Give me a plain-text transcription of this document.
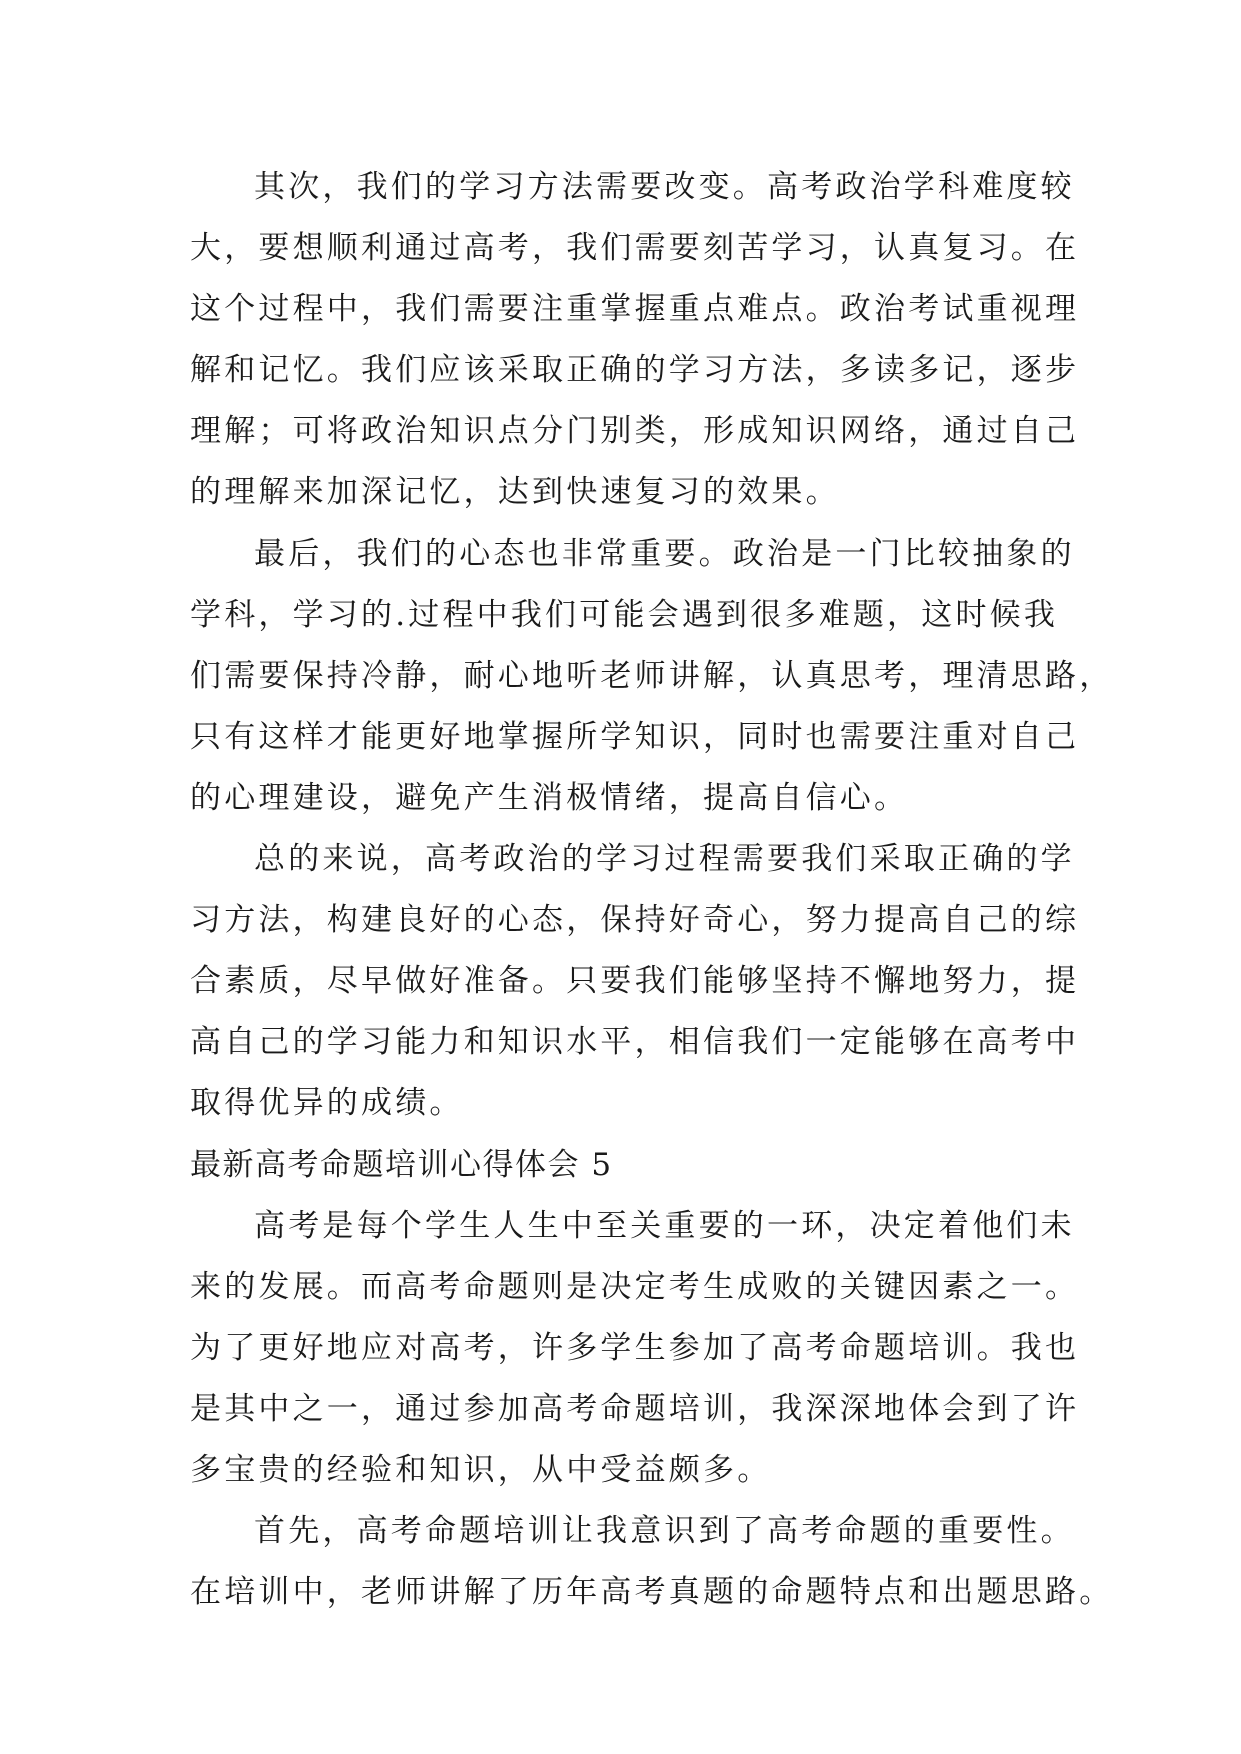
其次，我们的学习方法需要改变。高考政治学科难度较
大，要想顺利通过高考，我们需要刻苦学习，认真复习。在
这个过程中，我们需要注重掌握重点难点。政治考试重视理
解和记忆。我们应该采取正确的学习方法，多读多记，逐步
理解；可将政治知识点分门别类，形成知识网络，通过自己
的理解来加深记忆，达到快速复习的效果。
最后，我们的心态也非常重要。政治是一门比较抽象的
学科，学习的.过程中我们可能会遇到很多难题，这时候我
们需要保持冷静，耐心地听老师讲解，认真思考，理清思路，
只有这样才能更好地掌握所学知识，同时也需要注重对自己
的心理建设，避免产生消极情绪，提高自信心。
总的来说，高考政治的学习过程需要我们采取正确的学
习方法，构建良好的心态，保持好奇心，努力提高自己的综
合素质，尽早做好准备。只要我们能够坚持不懈地努力，提
高自己的学习能力和知识水平，相信我们一定能够在高考中
取得优异的成绩。
最新高考命题培训心得体会 5
高考是每个学生人生中至关重要的一环，决定着他们未
来的发展。而高考命题则是决定考生成败的关键因素之一。
为了更好地应对高考，许多学生参加了高考命题培训。我也
是其中之一，通过参加高考命题培训，我深深地体会到了许
多宝贵的经验和知识，从中受益颇多。
首先，高考命题培训让我意识到了高考命题的重要性。
在培训中，老师讲解了历年高考真题的命题特点和出题思路。
